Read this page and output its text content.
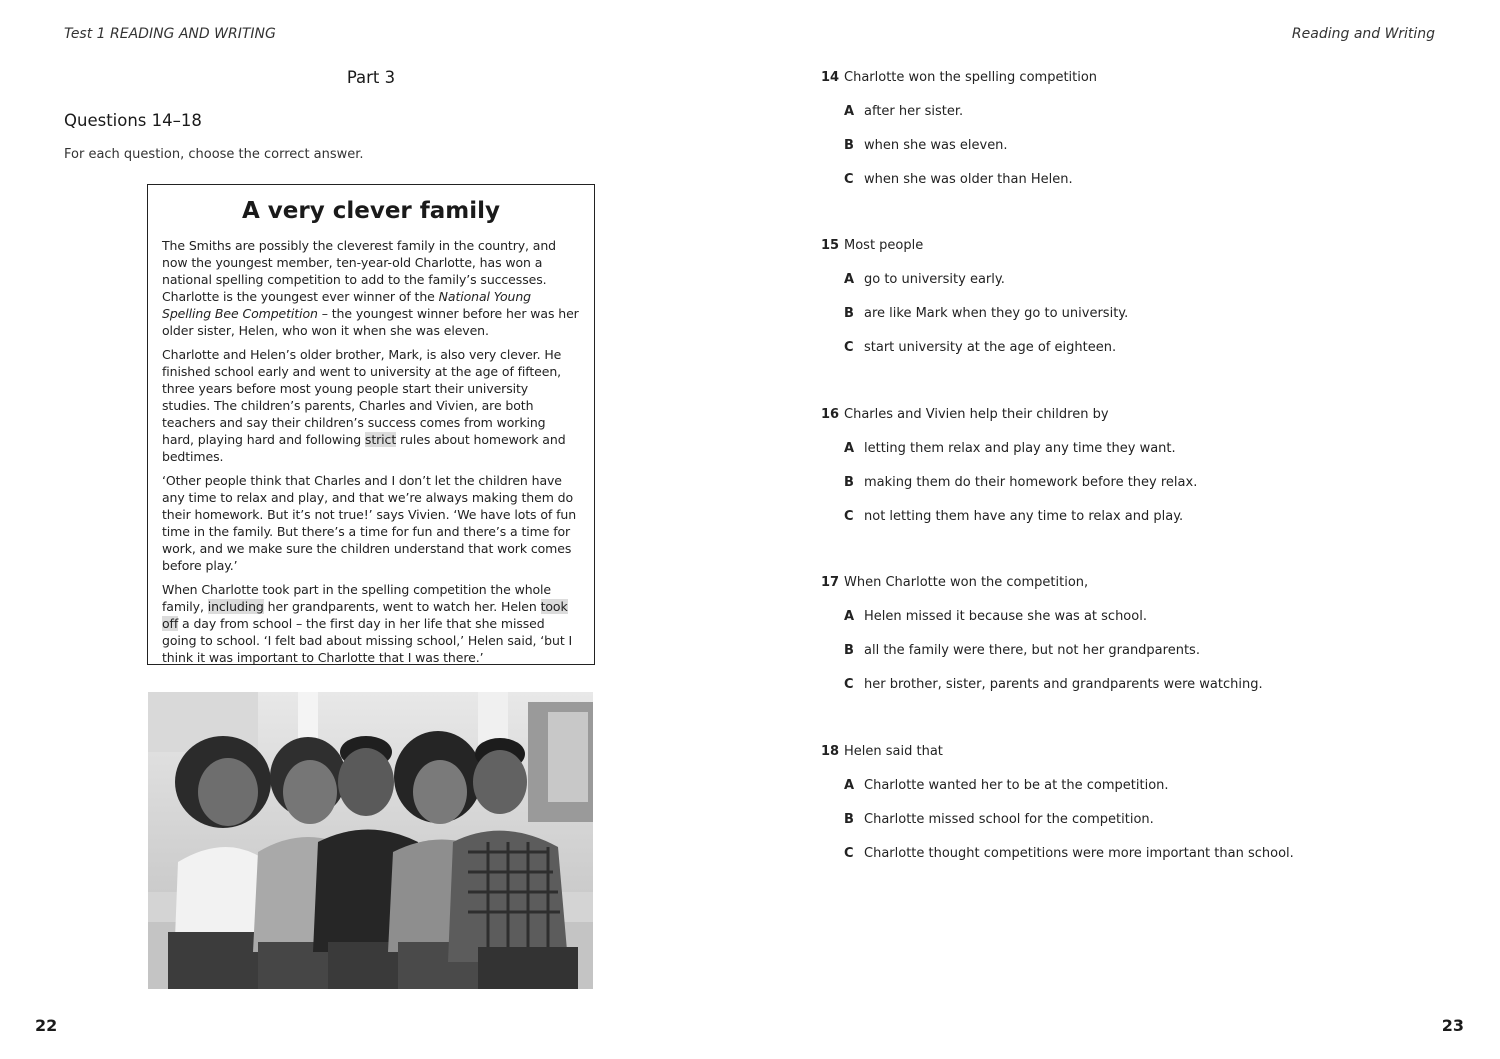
Test 1 READING AND WRITING
Part 3
Questions 14–18
For each question, choose the correct answer.
A very clever family

The Smiths are possibly the cleverest family in the country, and now the youngest member, ten-year-old Charlotte, has won a national spelling competition to add to the family’s successes. Charlotte is the youngest ever winner of the National Young Spelling Bee Competition – the youngest winner before her was her older sister, Helen, who won it when she was eleven.

Charlotte and Helen’s older brother, Mark, is also very clever. He finished school early and went to university at the age of fifteen, three years before most young people start their university studies. The children’s parents, Charles and Vivien, are both teachers and say their children’s success comes from working hard, playing hard and following strict rules about homework and bedtimes.

‘Other people think that Charles and I don’t let the children have any time to relax and play, and that we’re always making them do their homework. But it’s not true!’ says Vivien. ‘We have lots of fun time in the family. But there’s a time for fun and there’s a time for work, and we make sure the children understand that work comes before play.’

When Charlotte took part in the spelling competition the whole family, including her grandparents, went to watch her. Helen took off a day from school – the first day in her life that she missed going to school. ‘I felt bad about missing school,’ Helen said, ‘but I think it was important to Charlotte that I was there.’

22
Reading and Writing
14 Charlotte won the spelling competition
A after her sister.
B when she was eleven.
C when she was older than Helen.
15 Most people
A go to university early.
B are like Mark when they go to university.
C start university at the age of eighteen.
16 Charles and Vivien help their children by
A letting them relax and play any time they want.
B making them do their homework before they relax.
C not letting them have any time to relax and play.
17 When Charlotte won the competition,
A Helen missed it because she was at school.
B all the family were there, but not her grandparents.
C her brother, sister, parents and grandparents were watching.
18 Helen said that
A Charlotte wanted her to be at the competition.
B Charlotte missed school for the competition.
C Charlotte thought competitions were more important than school.
23
